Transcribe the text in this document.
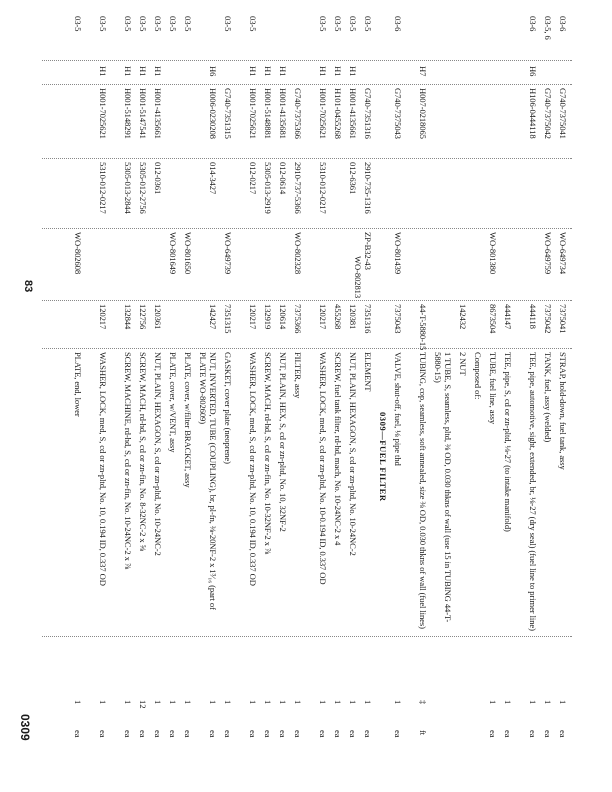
03-6
G740-7375041
WO-649734
7375041
STRAP, hold-down, fuel tank, assy
1
ea
03-5, 6
G740-7375042
WO-649759
7375042
TANK, fuel, assy (welded)
1
ea
03-6
H6
H106-0444118
444118
TEE, pipe, automotive, sight, extended, br, ⅛-27 (dry seal) (fuel line to primer line)
1
ea
444147
TEE, pipe, S, cd or zn-pltd, ⅛-27 (to intake manifold)
1
ea
WO-801380
8673504
TUBE, fuel line, assy
1
ea
Composed of:
142432
2 NUT
1 TUBE, S, seamless, pltd, ⅜ OD, 0.030 thkns of wall (use 15 in TUBING 44-T-5880-15)
H7
H007-0218065
44-T-5880-15
TUBING, cop, seamless, soft annealed, size ⅜ OD, 0.030 thkns of wall (fuel lines)
‡
ft
03-6
G740-7375043
WO-801439
7375043
VALVE, shut-off, fuel, ⅛ pipe thd
1
ea
0309—FUEL FILTER
03-5
G740-7351316
2910-735-1316
ZP-B32-43
WO-802813
7351316
ELEMENT
1
ea
03-5
H1
H001-4135661
012-6361
120381
NUT, PLAIN, HEXAGON, S, cd or zn-pltd, No. 10-24NC-2
1
ea
03-5
H1
H101-0455268
455268
SCREW, fuel tank filter, rd-hd, mach, No. 10-24NC-2 x 4
1
ea
03-5
H1
H001-7025621
5310-012-0217
120217
WASHER, LOCK, med, S, cd or zn-pltd, No. 10-0.194 ID, 0.337 OD
1
ea
G740-7375366
2910-737-5366
WO-802328
7375366
FILTER, assy
1
ea
H1
H001-4135681
012-0614
120614
NUT, PLAIN, HEX, S, cd or zn-pltd, No. 10, 32NF-2
1
ea
H1
H001-5148881
5305-013-2919
132919
SCREW, MACH, rd-hd, S, cd or zn-fin, No. 10-32NF-2 x ⅞
1
ea
03-5
H1
H001-7025621
012-0217
120217
WASHER, LOCK, med, S, cd or zn-pltd, No. 10, 0.194 ID, 0.337 OD
1
ea
03-5
G740-7351315
WO-649739
7351315
GASKET, cover plate (neoprene)
1
ea
H6
H006-0230208
014-3427
142427
NUT, INVERTED, TUBE (COUPLING), br, pl-fn, ⅜-20NF-2 x 1³⁄₁₆ (part of PLATE WO-802609)
1
ea
03-5
WO-801650
PLATE, cover, w/filter BRACKET, assy
1
ea
03-5
WO-801649
PLATE, cover, w/VENT, assy
1
ea
03-5
H1
H001-4135661
012-0361
120361
NUT, PLAIN, HEXAGON, S, cd or zn-pltd, No. 10-24NC-2
1
ea
03-5
H1
H001-5147541
5305-012-2756
122756
SCREW, MACH, rd-hd, S, cd or zn-fin, No. 8-32NC-2 x ⅝
12
ea
03-5
H1
H001-5148291
5305-013-2844
132844
SCREW, MACHINE, rd-hd, S, cd or zn-fin, No. 10-24NC-2 x ⅞
1
ea
03-5
H1
H001-7025621
5310-012-0217
120217
WASHER, LOCK, med, S, cd or zn-pltd, No. 10, 0.194 ID, 0.337 OD
1
ea
03-5
WO-802608
PLATE, end, lower
1
ea
83
0309
